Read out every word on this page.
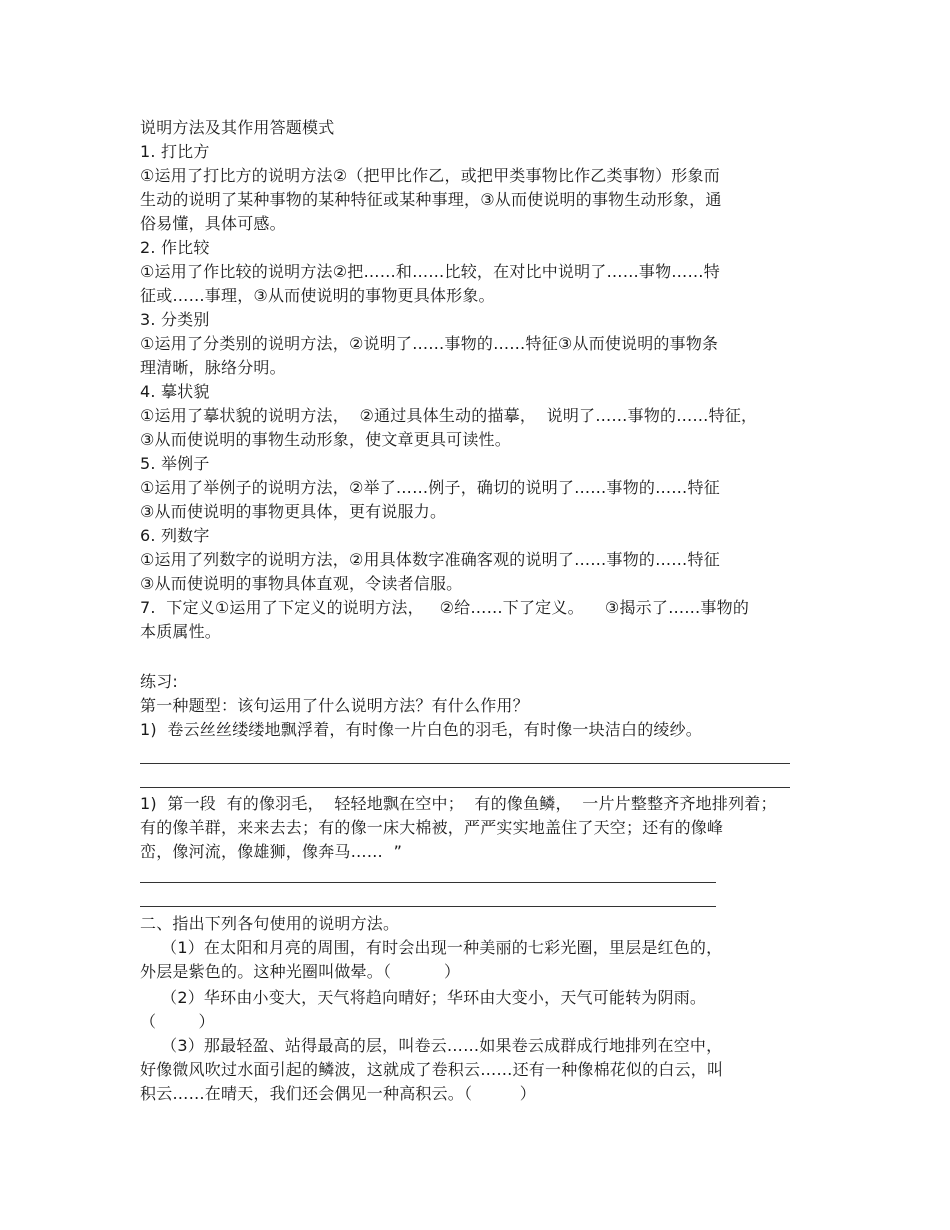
说明方法及其作用答题模式
1. 打比方
①运用了打比方的说明方法②（把甲比作乙，或把甲类事物比作乙类事物）形象而
生动的说明了某种事物的某种特征或某种事理，③从而使说明的事物生动形象，通
俗易懂，具体可感。
2. 作比较
①运用了作比较的说明方法②把……和……比较，在对比中说明了……事物……特
征或……事理，③从而使说明的事物更具体形象。
3. 分类别
①运用了分类别的说明方法，②说明了……事物的……特征③从而使说明的事物条
理清晰，脉络分明。
4. 摹状貌
①运用了摹状貌的说明方法，  ②通过具体生动的描摹，  说明了……事物的……特征，
③从而使说明的事物生动形象，使文章更具可读性。
5. 举例子
①运用了举例子的说明方法，②举了……例子，确切的说明了……事物的……特征
③从而使说明的事物更具体，更有说服力。
6. 列数字
①运用了列数字的说明方法，②用具体数字准确客观的说明了……事物的……特征
③从而使说明的事物具体直观，令读者信服。
7.  下定义①运用了下定义的说明方法，   ②给……下了定义。    ③揭示了……事物的
本质属性。
练习:
第一种题型：该句运用了什么说明方法？有什么作用？
1)  卷云丝丝缕缕地飘浮着，有时像一片白色的羽毛，有时像一块洁白的绫纱。
1)  第一段  有的像羽毛，  轻轻地飘在空中；  有的像鱼鳞，  一片片整整齐齐地排列着；
有的像羊群，来来去去；有的像一床大棉被，严严实实地盖住了天空；还有的像峰
峦，像河流，像雄狮，像奔马……  ”
二、指出下列各句使用的说明方法。
（1）在太阳和月亮的周围，有时会出现一种美丽的七彩光圈，里层是红色的，
外层是紫色的。这种光圈叫做晕。（          ）
（2）华环由小变大，天气将趋向晴好；华环由大变小，天气可能转为阴雨。
（        ）
（3）那最轻盈、站得最高的层，叫卷云……如果卷云成群成行地排列在空中，
好像微风吹过水面引起的鳞波，这就成了卷积云……还有一种像棉花似的白云，叫
积云……在晴天，我们还会偶见一种高积云。（         ）
